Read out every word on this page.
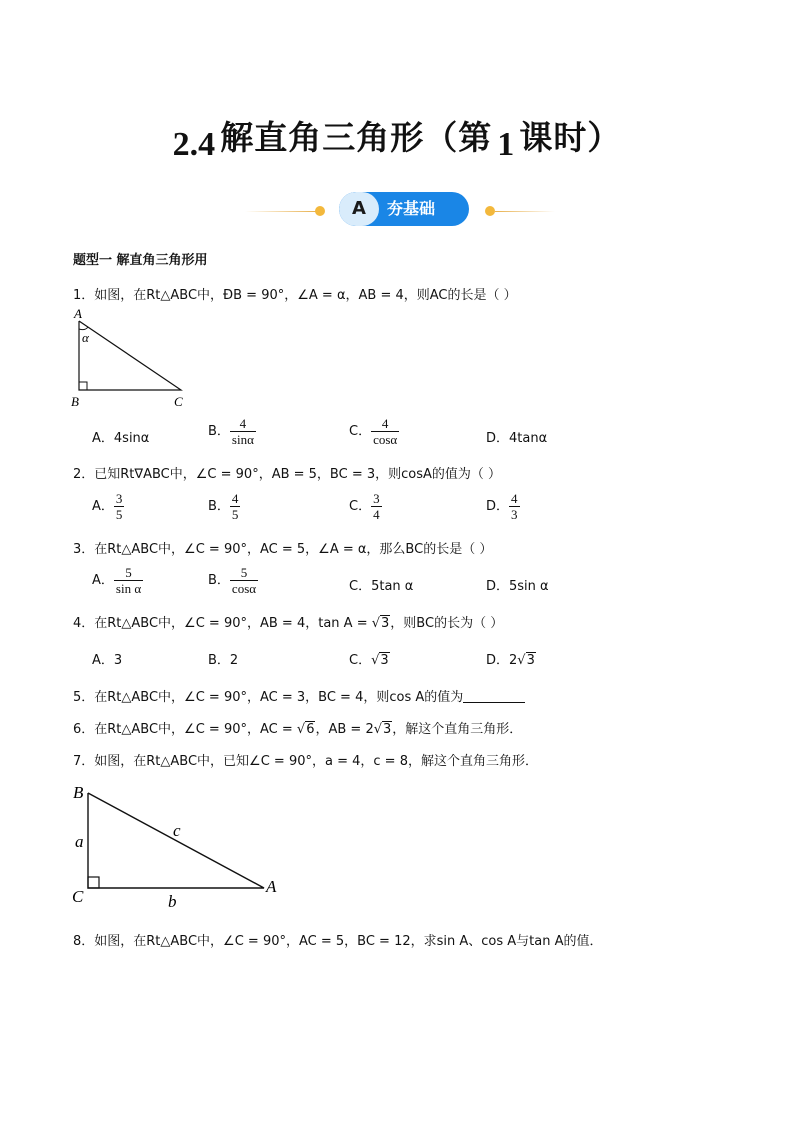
2.4 解直角三角形（第 1 课时）
A	夯基础
题型一 解直角三角形用
1．如图，在Rt△ABC中，ÐB = 90°，∠A = α，AB = 4，则AC的长是（ ）
A
α
B	C
A．4sinα	B． $\frac{4}{\sin\alpha}$	C． $\frac{4}{\cos\alpha}$	D．4tanα
2．已知Rt∇ABC中，∠C = 90°，AB = 5，BC = 3，则cosA的值为（ ）
A． $\frac{3}{5}$	B． $\frac{4}{5}$	C． $\frac{3}{4}$	D． $\frac{4}{3}$
3．在Rt△ABC中，∠C = 90°，AC = 5，∠A = α，那么BC的长是（ ）
A． $\frac{5}{\text{sin α}}$	B． $\frac{5}{\cos\alpha}$	C．5tan α	D．5sin α
4．在Rt△ABC中，∠C = 90°，AB = 4，tan A = √3，则BC的长为（ ）
A．3	B．2	C．√3	D．2√3
5．在Rt△ABC中，∠C = 90°，AC = 3，BC = 4，则cos A的值为
6．在Rt△ABC中，∠C = 90°，AC = √6，AB = 2√3，解这个直角三角形．
7．如图，在Rt△ABC中，已知∠C = 90°，a = 4，c = 8，解这个直角三角形．
B
a
c
C	b
A
8．如图，在Rt△ABC中，∠C = 90°，AC = 5，BC = 12，求sin A、cos A与tan A的值．
